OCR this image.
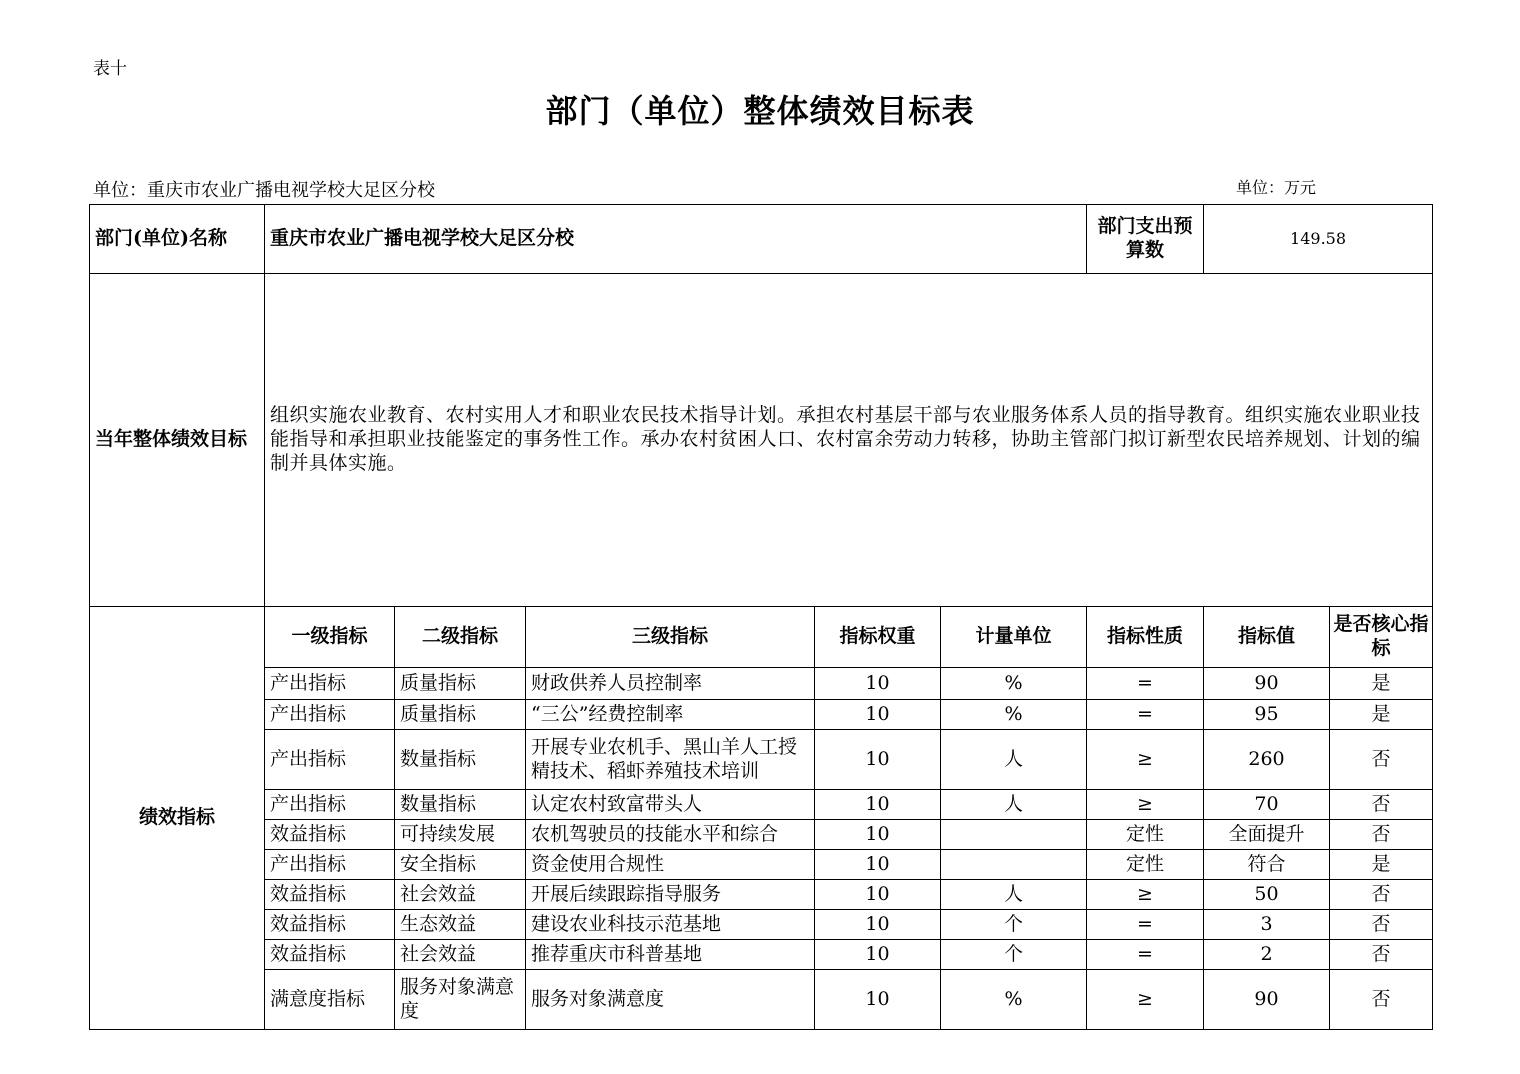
表十
部门（单位）整体绩效目标表
单位：重庆市农业广播电视学校大足区分校	单位：万元
部门(单位)名称	重庆市农业广播电视学校大足区分校					部门支出预算数	149.58	
当年整体绩效目标	组织实施农业教育、农村实用人才和职业农民技术指导计划。承担农村基层干部与农业服务体系人员的指导教育。组织实施农业职业技能指导和承担职业技能鉴定的事务性工作。承办农村贫困人口、农村富余劳动力转移，协助主管部门拟订新型农民培养规划、计划的编制并具体实施。							
绩效指标	一级指标	二级指标	三级指标	指标权重	计量单位	指标性质	指标值	是否核心指标
	产出指标	质量指标	财政供养人员控制率	10	%	=	90	是
	产出指标	质量指标	“三公”经费控制率	10	%	=	95	是
	产出指标	数量指标	开展专业农机手、黑山羊人工授精技术、稻虾养殖技术培训	10	人	≥	260	否
	产出指标	数量指标	认定农村致富带头人	10	人	≥	70	否
	效益指标	可持续发展	农机驾驶员的技能水平和综合	10		定性	全面提升	否
	产出指标	安全指标	资金使用合规性	10		定性	符合	是
	效益指标	社会效益	开展后续跟踪指导服务	10	人	≥	50	否
	效益指标	生态效益	建设农业科技示范基地	10	个	=	3	否
	效益指标	社会效益	推荐重庆市科普基地	10	个	=	2	否
	满意度指标	服务对象满意度	服务对象满意度	10	%	≥	90	否
